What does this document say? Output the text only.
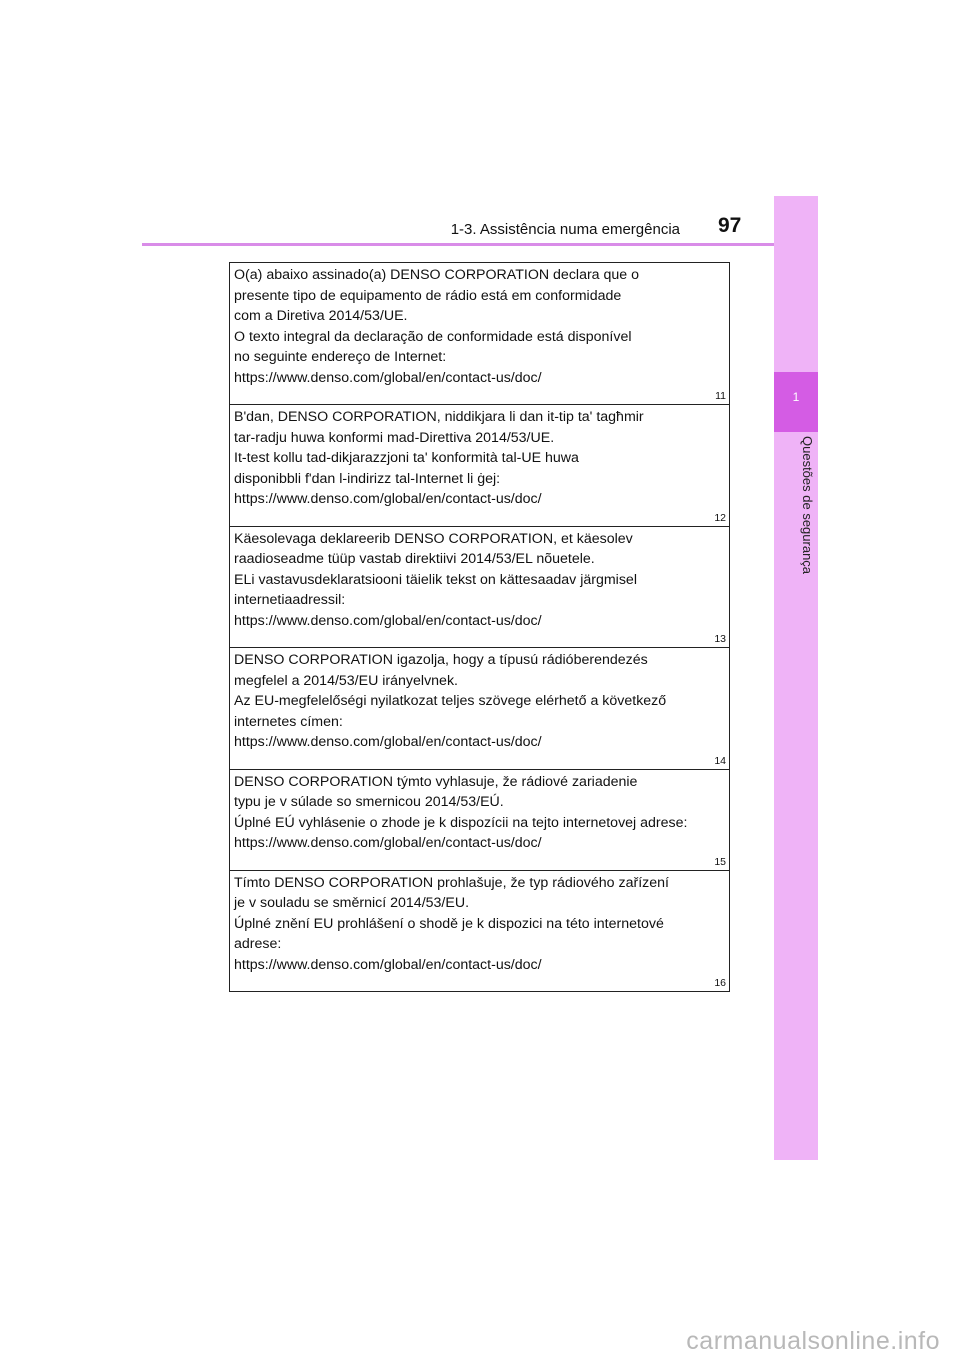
1-3. Assistência numa emergência 97
1
Questões de segurança
O(a) abaixo assinado(a) DENSO CORPORATION declara que o
presente tipo de equipamento de rádio está em conformidade
com a Diretiva 2014/53/UE.
O texto integral da declaração de conformidade está disponível
no seguinte endereço de Internet:
https://www.denso.com/global/en/contact-us/doc/
11
B'dan, DENSO CORPORATION, niddikjara li dan it-tip ta' tagħmir
tar-radju huwa konformi mad-Direttiva 2014/53/UE.
It-test kollu tad-dikjarazzjoni ta' konformità tal-UE huwa
disponibbli f'dan l-indirizz tal-Internet li ġej:
https://www.denso.com/global/en/contact-us/doc/
12
Käesolevaga deklareerib DENSO CORPORATION, et käesolev
raadioseadme tüüp vastab direktiivi 2014/53/EL nõuetele.
ELi vastavusdeklaratsiooni täielik tekst on kättesaadav järgmisel
internetiaadressil:
https://www.denso.com/global/en/contact-us/doc/
13
DENSO CORPORATION igazolja, hogy a típusú rádióberendezés
megfelel a 2014/53/EU irányelvnek.
Az EU-megfelelőségi nyilatkozat teljes szövege elérhető a következő
internetes címen:
https://www.denso.com/global/en/contact-us/doc/
14
DENSO CORPORATION týmto vyhlasuje, že rádiové zariadenie
typu je v súlade so smernicou 2014/53/EÚ.
Úplné EÚ vyhlásenie o zhode je k dispozícii na tejto internetovej adrese:
https://www.denso.com/global/en/contact-us/doc/
15
Tímto DENSO CORPORATION prohlašuje, že typ rádiového zařízení
je v souladu se směrnicí 2014/53/EU.
Úplné znění EU prohlášení o shodě je k dispozici na této internetové
adrese:
https://www.denso.com/global/en/contact-us/doc/
16
carmanualsonline.info
